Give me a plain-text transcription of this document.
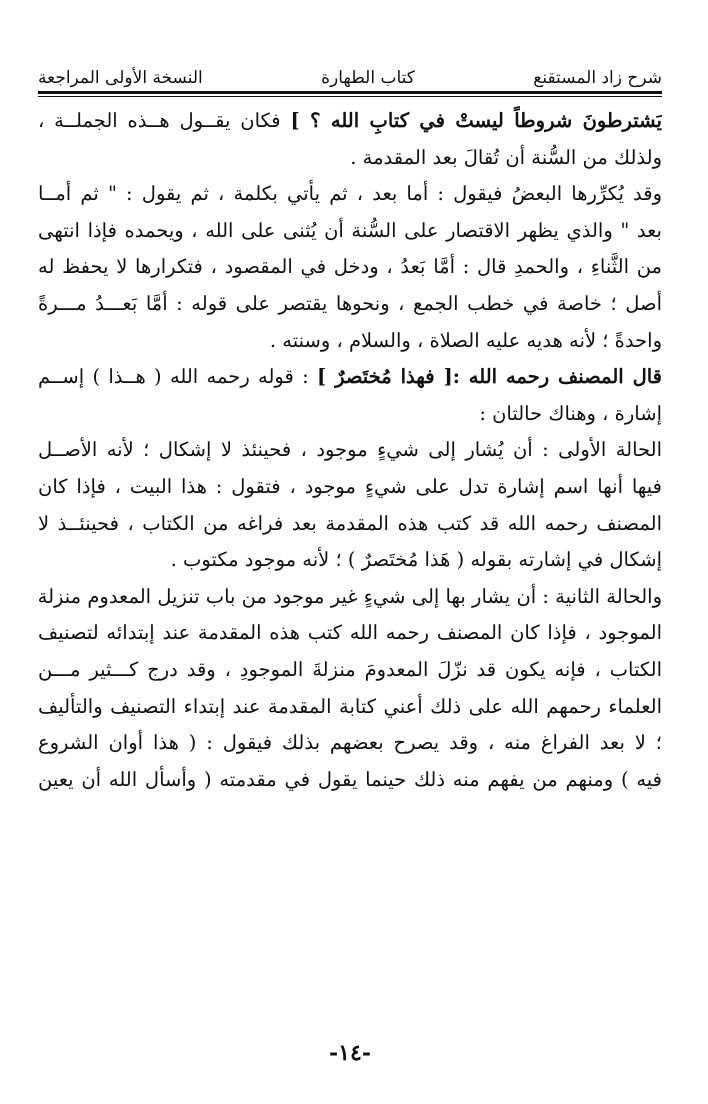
شرح زاد المستقنع
كتاب الطهارة
النسخة الأولى المراجعة
يَشترطونَ شروطاً ليستْ في كتابِ الله ؟ ] فكان يقــول هــذه الجملــة ،
ولذلك من السُّنة أن تُقالَ بعد المقدمة .
وقد يُكرِّرها البعضُ فيقول : أما بعد ، ثم يأتي بكلمة ، ثم يقول : " ثم أمــا
بعد " والذي يظهر الاقتصار على السُّنة أن يُثنى على الله ، ويحمده فإذا انتهى
من الثَّناءِ ، والحمدِ قال : أمَّا بَعدُ ، ودخل في المقصود ، فتكرارها لا يحفظ له
أصل ؛ خاصة في خطب الجمع ، ونحوها يقتصر على قوله : أمَّا بَعـــدُ مـــرةً
واحدةً ؛ لأنه هديه عليه الصلاة ، والسلام ، وسنته .
قال المصنف رحمه الله :[ فهذا مُختَصرٌ ] : قوله رحمه الله ( هــذا ) إســم
إشارة ، وهناك حالتان :
الحالة الأولى : أن يُشار إلى شيءٍ موجود ، فحينئذ لا إشكال ؛ لأنه الأصــل
فيها أنها اسم إشارة تدل على شيءٍ موجود ، فتقول : هذا البيت ، فإذا كان
المصنف رحمه الله قد كتب هذه المقدمة بعد فراغه من الكتاب ، فحينئــذ لا
إشكال في إشارته بقوله ( هَذا مُختَصرٌ ) ؛ لأنه موجود مكتوب .
والحالة الثانية : أن يشار بها إلى شيءٍ غير موجود من باب تنزيل المعدوم منزلة
الموجود ، فإذا كان المصنف رحمه الله كتب هذه المقدمة عند إبتدائه لتصنيف
الكتاب ، فإنه يكون قد نزّلَ المعدومَ منزلةَ الموجودِ ، وقد درج كـــثير مـــن
العلماء رحمهم الله على ذلك أعني كتابة المقدمة عند إبتداء التصنيف والتأليف
؛ لا بعد الفراغ منه ، وقد يصرح بعضهم بذلك فيقول : ( هذا أوان الشروع
فيه ) ومنهم من يفهم منه ذلك حينما يقول في مقدمته ( وأسأل الله أن يعين
-١٤-
